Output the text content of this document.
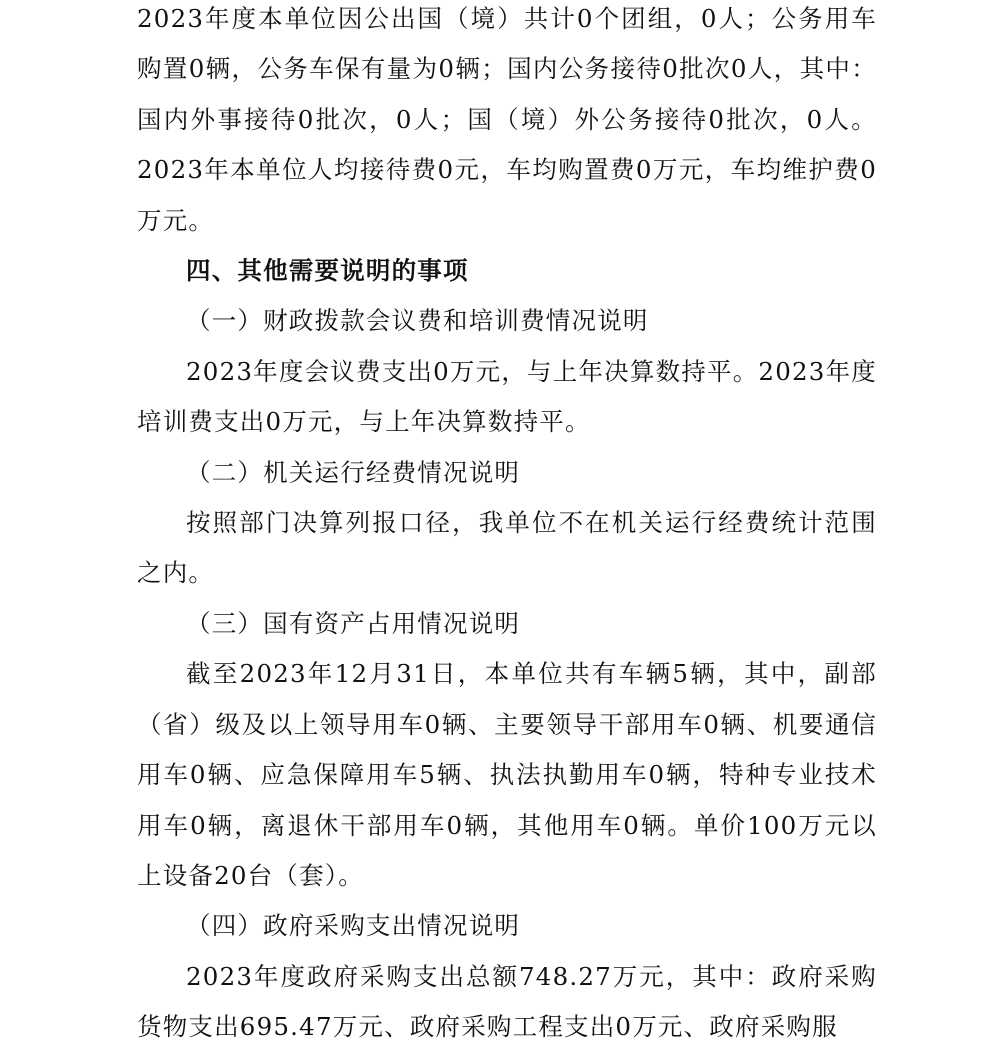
2023年度本单位因公出国（境）共计0个团组，0人；公务用车购置0辆，公务车保有量为0辆；国内公务接待0批次0人，其中：国内外事接待0批次，0人；国（境）外公务接待0批次，0人。2023年本单位人均接待费0元，车均购置费0万元，车均维护费0万元。

四、其他需要说明的事项

（一）财政拨款会议费和培训费情况说明

2023年度会议费支出0万元，与上年决算数持平。2023年度培训费支出0万元，与上年决算数持平。

（二）机关运行经费情况说明

按照部门决算列报口径，我单位不在机关运行经费统计范围之内。

（三）国有资产占用情况说明

截至2023年12月31日，本单位共有车辆5辆，其中，副部（省）级及以上领导用车0辆、主要领导干部用车0辆、机要通信用车0辆、应急保障用车5辆、执法执勤用车0辆，特种专业技术用车0辆，离退休干部用车0辆，其他用车0辆。单价100万元以上设备20台（套）。

（四）政府采购支出情况说明

2023年度政府采购支出总额748.27万元，其中：政府采购货物支出695.47万元、政府采购工程支出0万元、政府采购服
